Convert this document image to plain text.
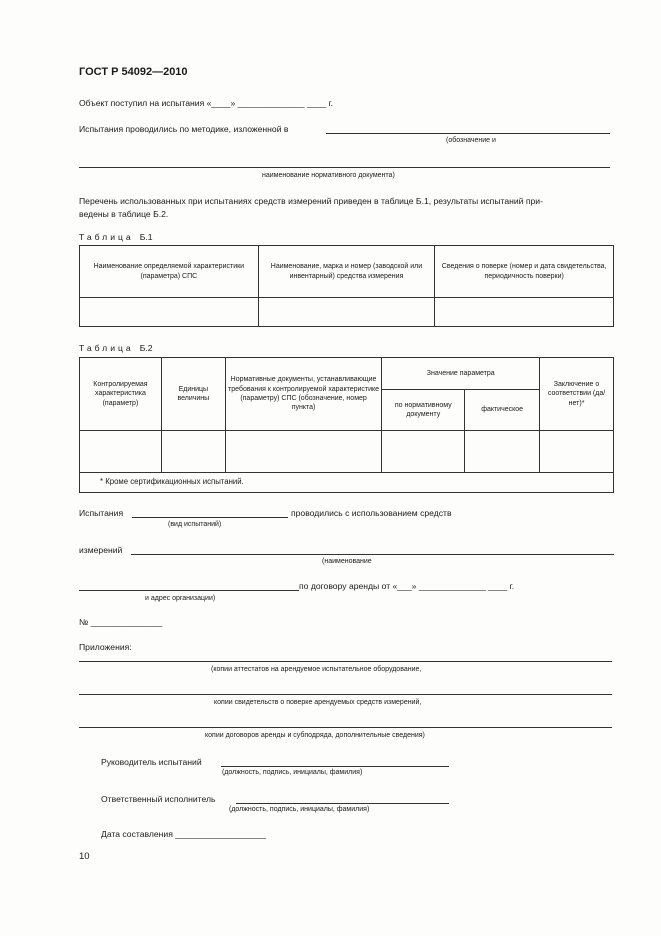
ГОСТ Р 54092—2010
Объект поступил на испытания «____» ______________ ____ г.
Испытания проводились по методике, изложенной в
(обозначение и
наименование нормативного документа)
Перечень использованных при испытаниях средств измерений приведен в таблице Б.1, результаты испытаний при-
ведены в таблице Б.2.
Таблица Б.1
Наименование определяемой характеристики (параметра) СПС	Наименование, марка и номер (заводской или инвентарный) средства измерения	Сведения о поверке (номер и дата свидетельства, периодичность поверки)

Таблица Б.2
Контролируемая характеристика (параметр)	Единицы величины	Нормативные документы, устанавливающие требования к контролируемой характеристике (параметру) СПС (обозначение, номер пункта)	Значение параметра		Заключение о соответствии (да/нет)*
			по нормативному документу	фактическое	

* Кроме сертификационных испытаний.					
Испытания	проводились с использованием средств
(вид испытаний)
измерений
(наименование
по договору аренды от «___» ______________ ____ г.
и адрес организации)
№ _______________
Приложения:
(копии аттестатов на арендуемое испытательное оборудование,
копии свидетельств о поверке арендуемых средств измерений,
копии договоров аренды и субподряда, дополнительные сведения)
Руководитель испытаний
(должность, подпись, инициалы, фамилия)
Ответственный исполнитель
(должность, подпись, инициалы, фамилия)
Дата составления ___________________
10
